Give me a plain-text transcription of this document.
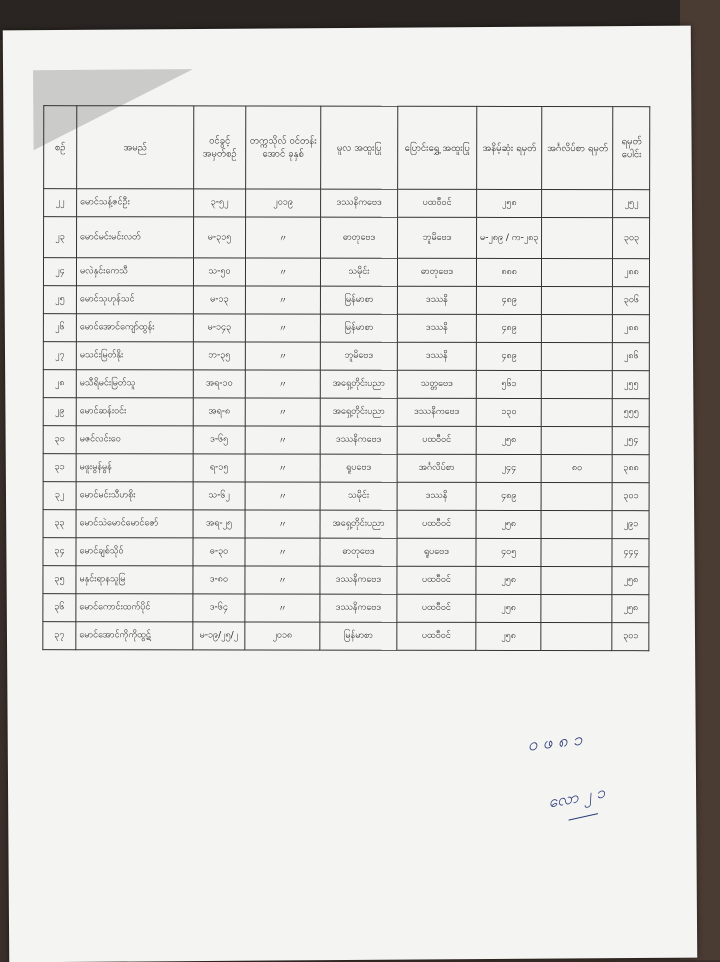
စဥ်	အမည်	ဝင်ခွင့် အမှတ်စဥ်	တက္ကသိုလ် ဝင်တန်းအောင် ခုနှစ်	မူလ အထူးပြု	ပြောင်းရွှေ့ အထူးပြု	အနိမ့်ဆုံး ရမှတ်	အင်္ဂလိပ်စာ ရမှတ်	ရမှတ် ပေါင်း
၂၂	မောင်သန့်ဇင်ဦး	၃-၅၂	၂၀၁၉	ဒဿနိကဗေဒ	ပထဝီဝင်	၂၅၈		၂၅၂
၂၃	မောင်မင်းမင်းလတ်	မ-၃၁၅	〃	ဓာတုဗေဒ	ဘူမိဗေဒ	မ-၂၈၉ / က-၂၈၃		၃၀၃
၂၄	မလဲနှင်းကေသီ	သ-၅၀	〃	သမိုင်း	ဓာတုဗေဒ	၈၈၈		၂၈၈
၂၅	မောင်သုဟုန်သင်	မ-၁၃	〃	မြန်မာစာ	ဒဿနိ	၄၈၉		၃၀၆
၂၆	မောင်အောင်ကျော်ထွန်း	မ-၁၄၃	〃	မြန်မာစာ	ဒဿနိ	၄၈၉		၂၈၈
၂၇	မသင်းမြတ်နိုး	ဘ-၃၅	〃	ဘူမိဗေဒ	ဒဿနိ	၄၈၉		၂၈၆
၂၈	မသီရိမင်းမြတ်သူ	အရ-၁၀	〃	အရှေ့တိုင်းပညာ	သတ္တဗေဒ	၅၆၁		၂၅၅
၂၉	မောင်ဆန်းဝင်း	အရ-၈	〃	အရှေ့တိုင်းပညာ	ဒဿနိကဗေဒ	၁၃၀		၅၅၅
၃၀	မဇင်လင်းဝေ	ဒ-၆၅	〃	ဒဿနိကဗေဒ	ပထဝီဝင်	၂၅၈		၂၅၄
၃၁	မဖူးမွန်မွန်	ရ-၁၅	〃	ရူပဗေဒ	အင်္ဂလိပ်စာ	၂၄၄	၈၀	၃၈၈
၃၂	မောင်မင်းသီဟစိုး	သ-၆၂	〃	သမိုင်း	ဒဿနိ	၄၈၉		၃၀၁
၃၃	မောင်သဲမောင်မောင်ဇော်	အရ-၂၅	〃	အရှေ့တိုင်းပညာ	ပထဝီဝင်	၂၅၈		၂၉၁
၃၄	မောင်ချစ်သိုဝ်	ဓ-၃၀	〃	ဓာတုဗေဒ	ရူပဗေဒ	၄၀၅		၄၄၄
၃၅	မနှင်းရာနသူမြ	ဒ-၈၀	〃	ဒဿနိကဗေဒ	ပထဝီဝင်	၂၅၈		၂၅၈
၃၆	မောင်ကောင်းထက်ပိုင်	ဒ-၆၄	〃	ဒဿနိကဗေဒ	ပထဝီဝင်	၂၅၈		၂၅၈
၃၇	မောင်အောင်ကိုကိုထွဋ်	မ-၁၉/၂၅/၂	၂၀၁၈	မြန်မာစာ	ပထဝီဝင်	၂၅၈		၃၀၁
ဝ ဖ ၈ ၁
လော ၂ ၁
